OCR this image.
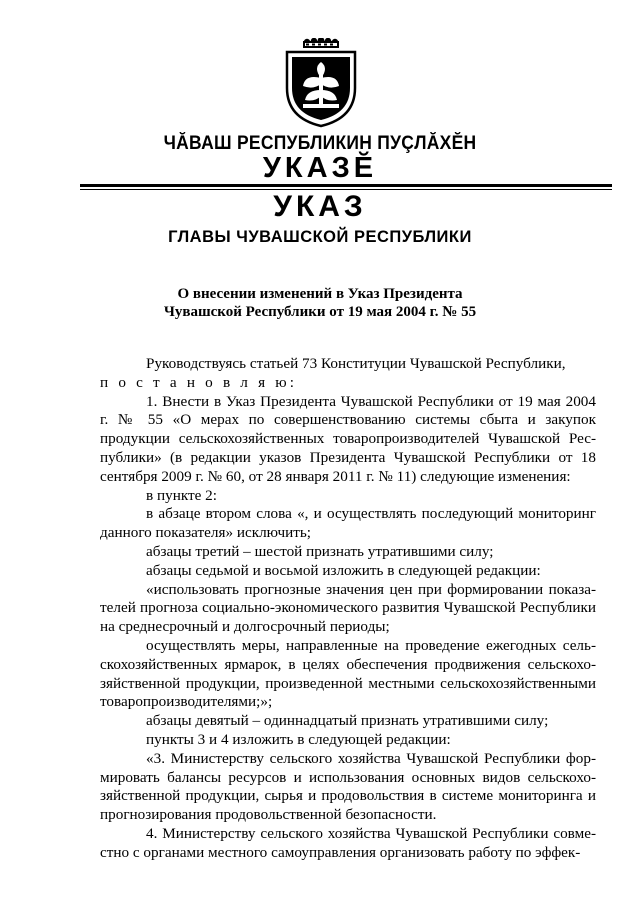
ЧĂВАШ РЕСПУБЛИКИН ПУÇЛĂХĔН
УКАЗĔ
УКАЗ
ГЛАВЫ ЧУВАШСКОЙ РЕСПУБЛИКИ
О внесении изменений в Указ Президента
Чувашской Республики от 19 мая 2004 г. № 55

Руководствуясь статьей 73 Конституции Чувашской Республики,

п о с т а н о в л я ю:

1. Внести в Указ Президента Чувашской Республики от 19 мая 2004 г. № 55 «О мерах по совершенствованию системы сбыта и закупок продукции сельскохозяйственных товаропроизводителей Чувашской Республики» (в редакции указов Президента Чувашской Республики от 18 сентября 2009 г. № 60, от 28 января 2011 г. № 11) следующие изменения:

в пункте 2:

в абзаце втором слова «, и осуществлять последующий мониторинг данного показателя» исключить;

абзацы третий – шестой признать утратившими силу;

абзацы седьмой и восьмой изложить в следующей редакции:

«использовать прогнозные значения цен при формировании показателей прогноза социально-экономического развития Чувашской Республики на среднесрочный и долгосрочный периоды;

осуществлять меры, направленные на проведение ежегодных сельскохозяйственных ярмарок, в целях обеспечения продвижения сельскохозяйственной продукции, произведенной местными сельскохозяйственными товаропроизводителями;»;

абзацы девятый – одиннадцатый признать утратившими силу;

пункты 3 и 4 изложить в следующей редакции:

«3. Министерству сельского хозяйства Чувашской Республики формировать балансы ресурсов и использования основных видов сельскохозяйственной продукции, сырья и продовольствия в системе мониторинга и прогнозирования продовольственной безопасности.

4. Министерству сельского хозяйства Чувашской Республики совместно с органами местного самоуправления организовать работу по эффек-
